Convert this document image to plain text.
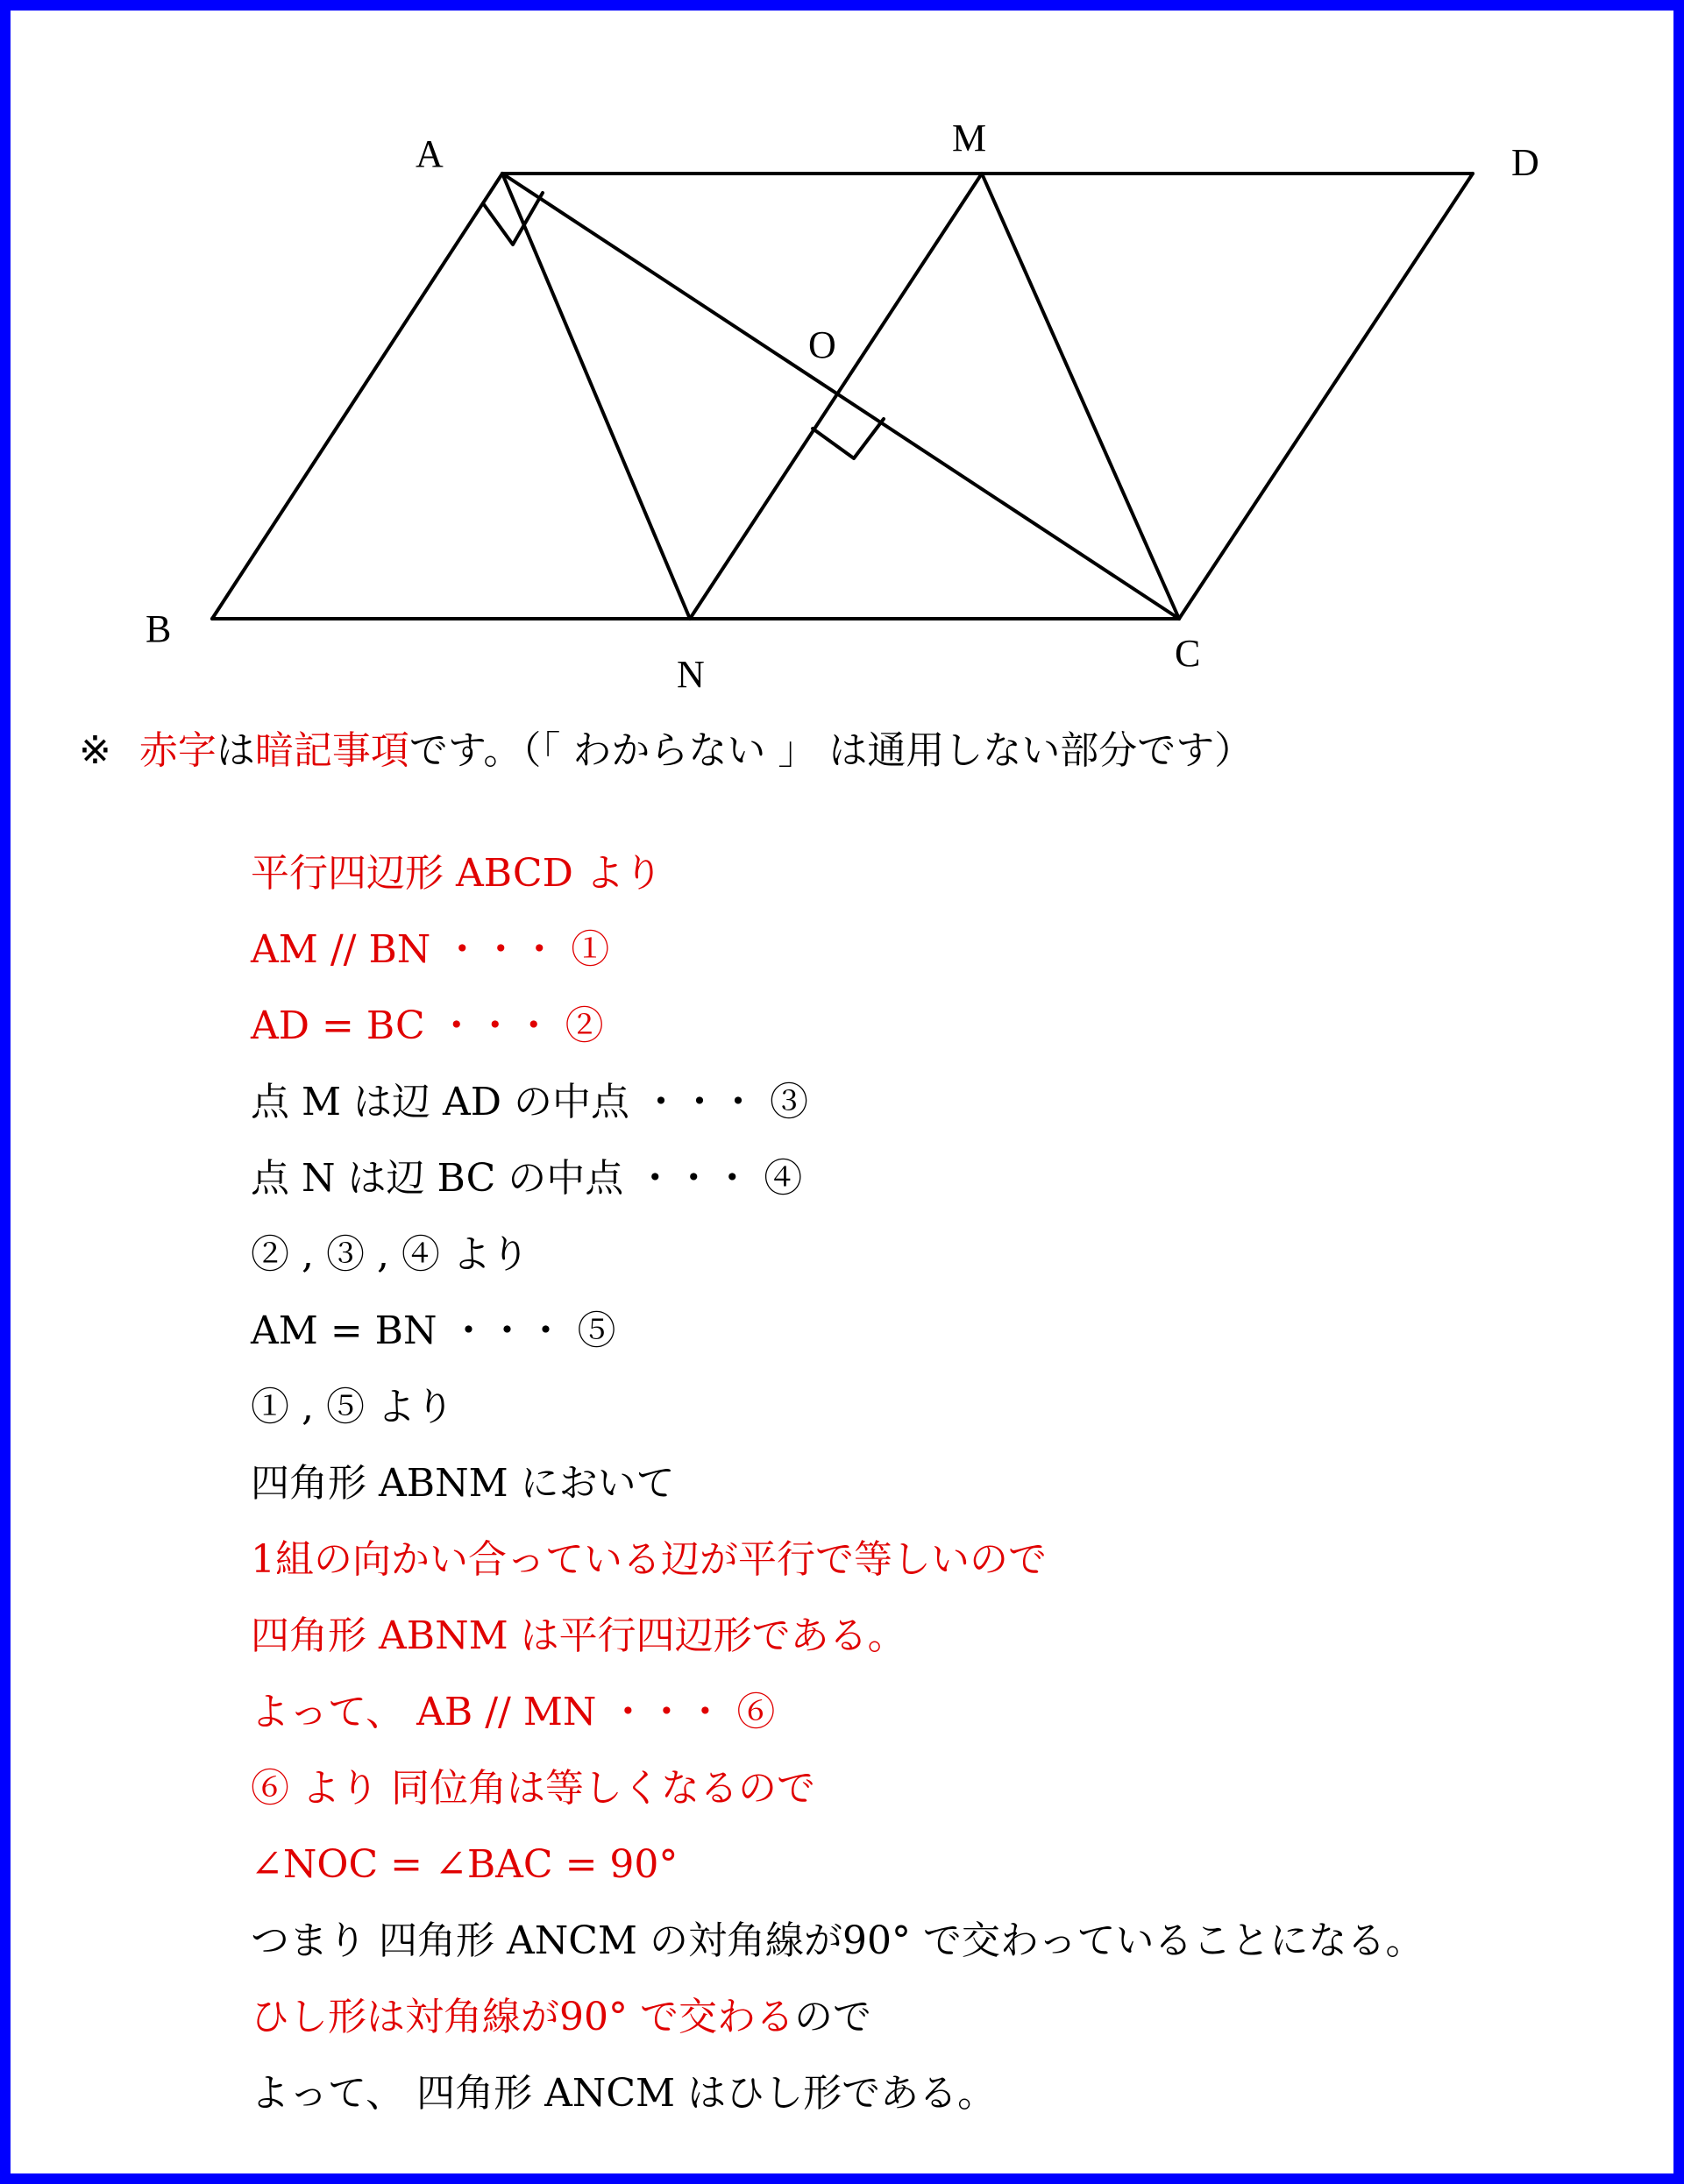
A	M
D
O
B
N	C
※ 赤字は暗記事項です。（「 わからない 」 は通用しない部分です）
平行四辺形 ABCD より
AM // BN ・・・ ①
AD = BC ・・・ ②
点 M は辺 AD の中点 ・・・ ③
点 N は辺 BC の中点 ・・・ ④
② , ③ , ④ より
AM = BN ・・・ ⑤
① , ⑤ より
四角形 ABNM において
1組の向かい合っている辺が平行で等しいので
四角形 ABNM は平行四辺形である。
よって、 AB // MN ・・・ ⑥
⑥ より 同位角は等しくなるので
∠NOC = ∠BAC = 90°
つまり 四角形 ANCM の対角線が90° で交わっていることになる。
ひし形は対角線が90° で交わるので
よって、 四角形 ANCM はひし形である。
